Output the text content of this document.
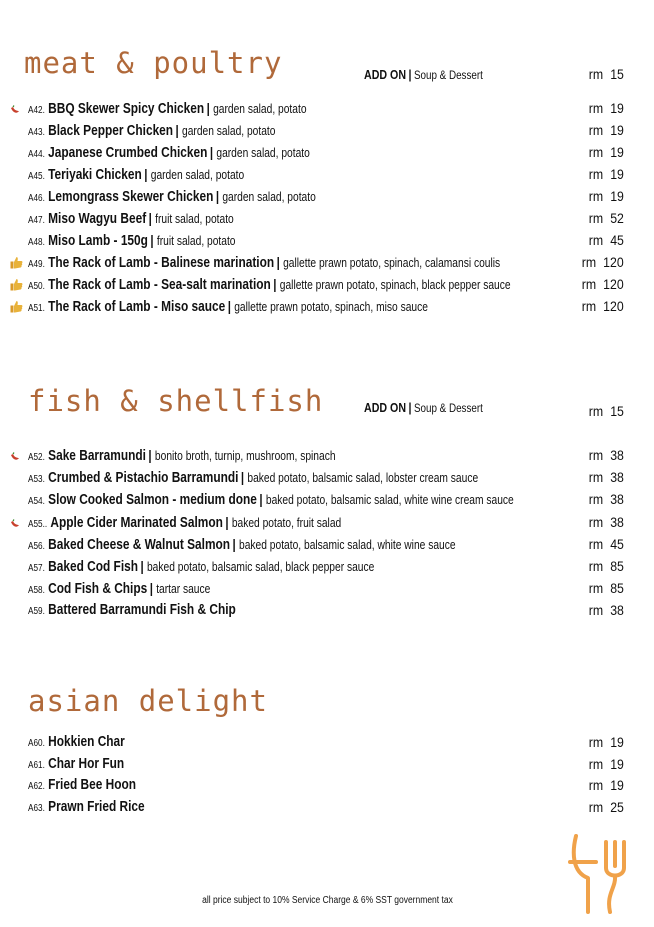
meat & poultry	ADD ON | Soup & Dessert	rm 15
A42. BBQ Skewer Spicy Chicken | garden salad, potato	rm 19
A43. Black Pepper Chicken | garden salad, potato	rm 19
A44. Japanese Crumbed Chicken | garden salad, potato	rm 19
A45. Teriyaki Chicken | garden salad, potato	rm 19
A46. Lemongrass Skewer Chicken | garden salad, potato	rm 19
A47. Miso Wagyu Beef | fruit salad, potato	rm 52
A48. Miso Lamb - 150g | fruit salad, potato	rm 45
A49. The Rack of Lamb - Balinese marination | gallette prawn potato, spinach, calamansi coulis	rm 120
A50. The Rack of Lamb - Sea-salt marination | gallette prawn potato, spinach, black pepper sauce	rm 120
A51. The Rack of Lamb - Miso sauce | gallette prawn potato, spinach, miso sauce	rm 120
fish & shellfish	ADD ON | Soup & Dessert	rm 15
A52. Sake Barramundi | bonito broth, turnip, mushroom, spinach	rm 38
A53. Crumbed & Pistachio Barramundi | baked potato, balsamic salad, lobster cream sauce	rm 38
A54. Slow Cooked Salmon - medium done | baked potato, balsamic salad, white wine cream sauce	rm 38
A55.. Apple Cider Marinated Salmon | baked potato, fruit salad	rm 38
A56. Baked Cheese & Walnut Salmon | baked potato, balsamic salad, white wine sauce	rm 45
A57. Baked Cod Fish | baked potato, balsamic salad, black pepper sauce	rm 85
A58. Cod Fish & Chips | tartar sauce	rm 85
A59. Battered Barramundi Fish & Chip	rm 38
asian delight
A60. Hokkien Char	rm 19
A61. Char Hor Fun	rm 19
A62. Fried Bee Hoon	rm 19
A63. Prawn Fried Rice	rm 25
all price subject to 10% Service Charge & 6% SST government tax
